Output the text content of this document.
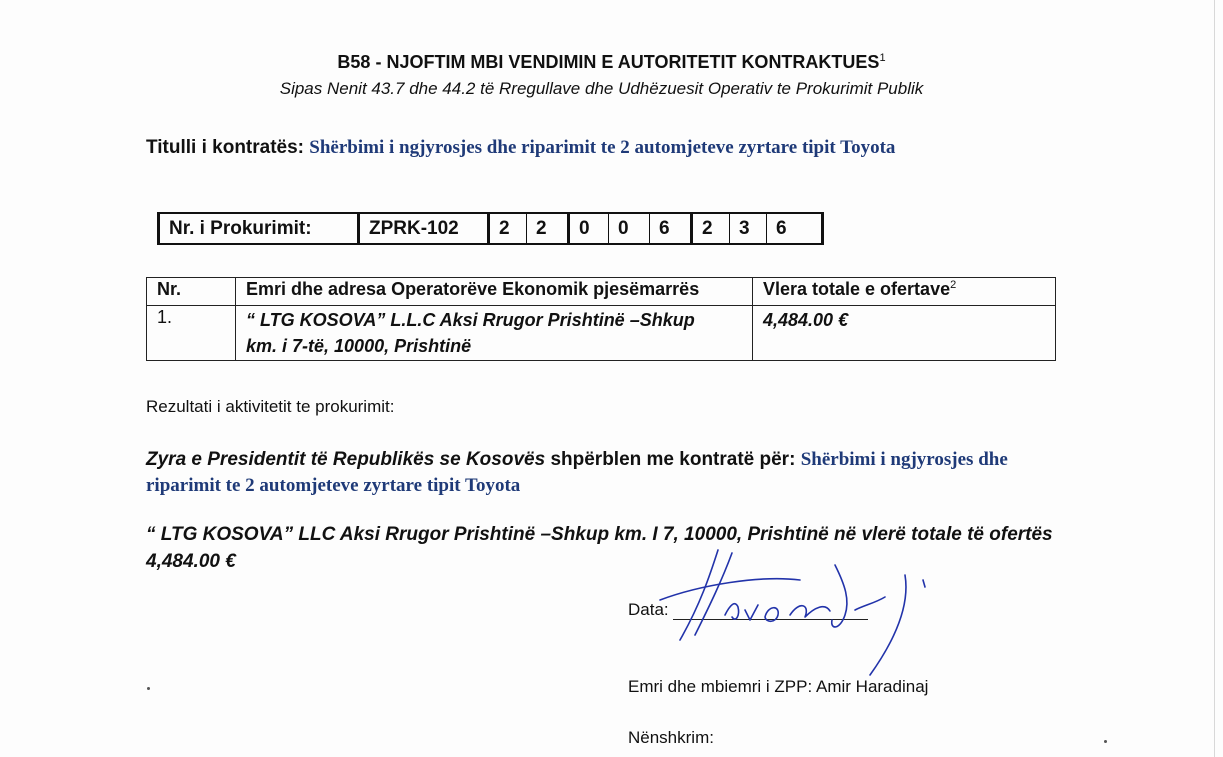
B58 - NJOFTIM MBI VENDIMIN E AUTORITETIT KONTRAKTUES$^1$
Sipas Nenit 43.7 dhe 44.2 të Rregullave dhe Udhëzuesit Operativ te Prokurimit Publik
Titulli i kontratës: Shërbimi i ngjyrosjes dhe riparimit te 2 automjeteve zyrtare tipit Toyota
Nr. i Prokurimit:	ZPRK-102	2	2	0	0	6	2	3	6
Nr.	Emri dhe adresa Operatorëve Ekonomik pjesëmarrës	Vlera totale e ofertave$^2$
1.	“ LTG KOSOVA” L.L.C Aksi Rrugor Prishtinë –Shkup
km. i 7-të, 10000, Prishtinë	4,484.00 €
Rezultati i aktivitetit te prokurimit:
Zyra e Presidentit të Republikës se Kosovës shpërblen me kontratë për: Shërbimi i ngjyrosjes dhe riparimit te 2 automjeteve zyrtare tipit Toyota
“ LTG KOSOVA” LLC Aksi Rrugor Prishtinë –Shkup km. I 7, 10000, Prishtinë në vlerë totale të ofertës 4,484.00 €
Data:
Emri dhe mbiemri i ZPP: Amir Haradinaj
Nënshkrim:
